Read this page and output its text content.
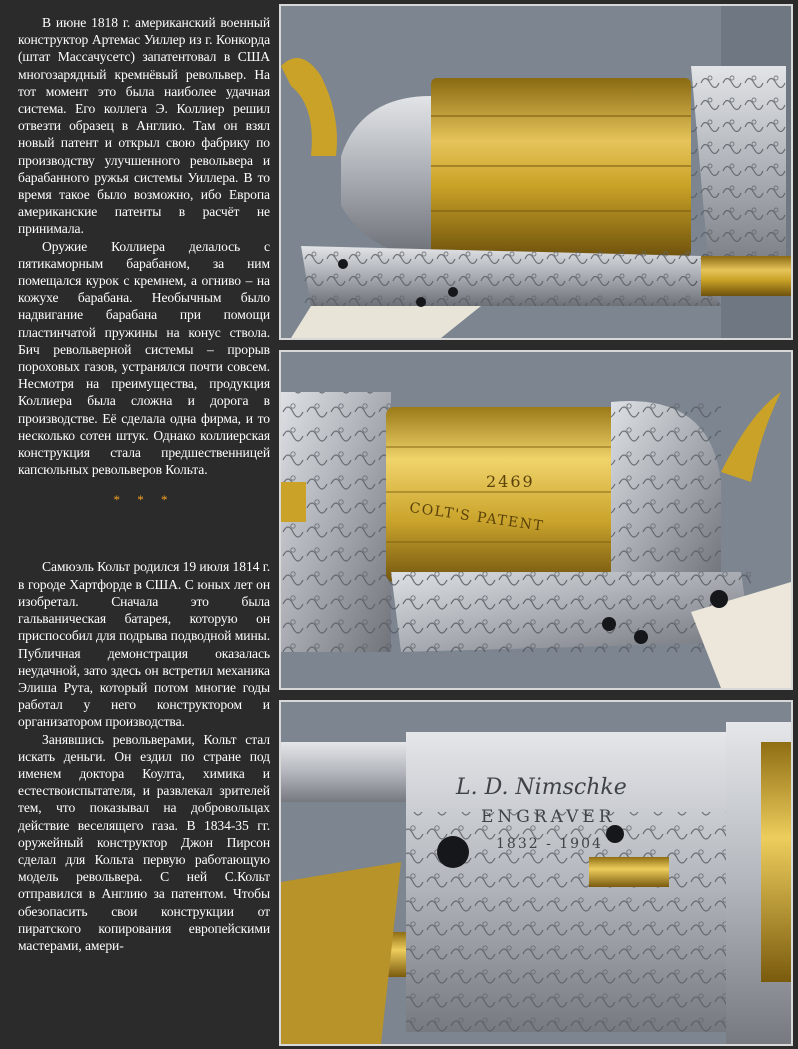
В июне 1818 г. американский военный конструктор Артемас Уиллер из г. Конкорда (штат Массачусетс) запатентовал в США многозарядный кремнёвый револьвер. На тот момент это была наиболее удачная система. Его коллега Э. Коллиер решил отвезти образец в Англию. Там он взял новый патент и открыл свою фабрику по производству улучшенного револьвера и барабанного ружья системы Уиллера. В то время такое было возможно, ибо Европа американские патенты в расчёт не принимала.

Оружие Коллиера делалось с пятикаморным барабаном, за ним помещался курок с кремнем, а огниво – на кожухе барабана. Необычным было надвигание барабана при помощи пластинчатой пружины на конус ствола. Бич револьверной системы – прорыв пороховых газов, устранялся почти совсем. Несмотря на преимущества, продукция Коллиера была сложна и дорога в производстве. Её сделала одна фирма, и то несколько сотен штук. Однако коллиерская конструкция стала предшественницей капсюльных револьверов Кольта.

* * *

Самюэль Кольт родился 19 июля 1814 г. в городе Хартфорде в США. С юных лет он изобретал. Сначала это была гальваническая батарея, которую он приспособил для подрыва подводной мины. Публичная демонстрация оказалась неудачной, зато здесь он встретил механика Элиша Рута, который потом многие годы работал у него конструктором и организатором производства.

Занявшись револьверами, Кольт стал искать деньги. Он ездил по стране под именем доктора Коулта, химика и естествоиспытателя, и развлекал зрителей тем, что показывал на добровольцах действие веселящего газа. В 1834-35 гг. оружейный конструктор Джон Пирсон сделал для Кольта первую работающую модель револьвера. С ней С.Кольт отправился в Англию за патентом. Чтобы обезопасить свои конструкции от пиратского копирования европейскими мастерами, амери-

2469
COLT'S PATENT
L. D. Nimschke
ENGRAVER
1832 - 1904
